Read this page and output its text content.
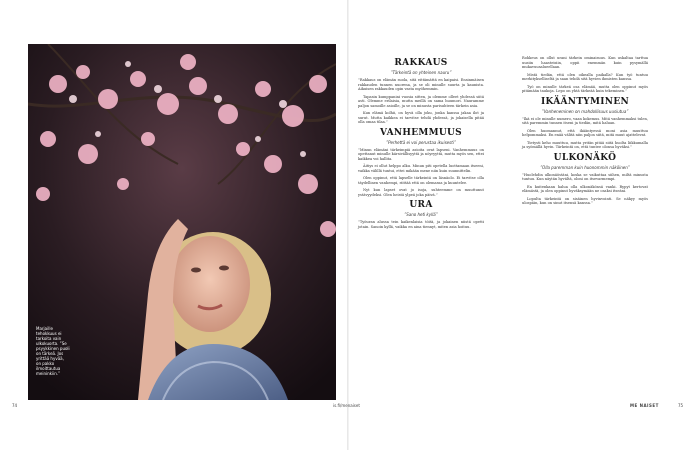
Marjaille tehokkuus ei tarkoita vain ulkokuorta. ”Se psyykkinen puoli on tärkeä. Jos yrittää hyvää, on pakko ilmoittautua meininkiin.”
RAKKAUS
”Tärkeintä on yhteinen nauru”

”Rakkaus on elämän suola, sitä eittämättä en kaipaisi. Ensinmäisen rakkauden tunnen nuorena, ja se oli minulle suurta ja kaunista. Aikuisen rakkauden opin vasta myöhemmin.

Tapasin kumppanini vuosia sitten, ja olemme olleet yhdessä siitä asti. Olemme erilaisia, mutta meillä on sama huumori. Nauramme paljon samoille asioille, ja se on minusta parisuhteen tärkein asia.

Kun elämä kolhii, on hyvä olla joku, jonka kanssa jakaa ilot ja surut. Mutta kaikkea ei tarvitse tehdä yhdessä, ja jokaisella pitää olla omaa tilaa.”

VANHEMMUUS
”Perhettä ei voi perustaa ikuisesti”

”Minun elämäni tärkeimpiä asioita ovat lapseni. Vanhemmuus on opettanut minulle kärsivällisyyttä ja nöyryyttä, mutta myös sen, ettei kaikkea voi hallita.

Äitiys ei ollut helppo alku. Minun piti opetella luottamaan itseeni, vaikka välillä tuntui, ettei mikään mene niin kuin suunnittelin.

Olen oppinut, että lapselle tärkeintä on läsnäolo. Ei tarvitse olla täydellinen vanhempi, riittää että on olemassa ja kuuntelee.

Nyt kun lapset ovat jo isoja, suhteemme on muuttunut ystävyydeksi. Olen heistä ylpeä joka päivä.”

URA
”Sano heti kyllä”

”Työuran alussa tein kaikenlaisia töitä, ja jokainen niistä opetti jotain. Sanoin kyllä, vaikka en aina tiennyt, miten asia hoituu.

Rohkeus on ollut urani tärkein ominaisuus. Kun uskaltaa tarttua uusiin haasteisiin, oppii enemmän kuin pysymällä mukavuusalueellaan.

Mistä tiedän, että olen oikealla paikalla? Kun työ tuntuu merkitykselliseltä ja saan tehdä sitä hyvien ihmisten kanssa.

Työ on minulle tärkeä osa elämää, mutta olen oppinut myös pitämään taukoja. Lepo on yhtä tärkeää kuin tekeminen.”

IKÄÄNTYMINEN
”Vanheneminen on mahdollisuus uusiutua”

”Ikä ei ole minulle numero, vaan kokemus. Mitä vanhemmaksi tulen, sitä paremmin tunnen itseni ja tiedän, mitä haluan.

Olen huomannut, että ikääntyessä moni asia muuttuu helpommaksi. En enää välitä niin paljon siitä, mitä muut ajattelevat.

Tietysti keho muuttuu, mutta yritän pitää siitä huolta liikkumalla ja syömällä hyvin. Tärkeintä on, että tuntee olonsa hyväksi.”

ULKONÄKÖ
”Olla paremman kuin huonommin näköinen”

”Huolehdin ulkonäöstäni, koska se vaikuttaa siihen, miltä minusta tuntuu. Kun näytän hyvältä, oloni on itsevarmempi.

En kuitenkaan halua olla ulkonäkönsä vanki. Rypyt kertovat elämästä, ja olen oppinut hyväksymään ne osaksi itseäni.

Lopulta tärkeintä on sisäinen hyvinvointi. Se näkyy myös ulospäin, kun on sinut itsensä kanssa.”

74	is.fi/menaiset	ME NAISET	75
